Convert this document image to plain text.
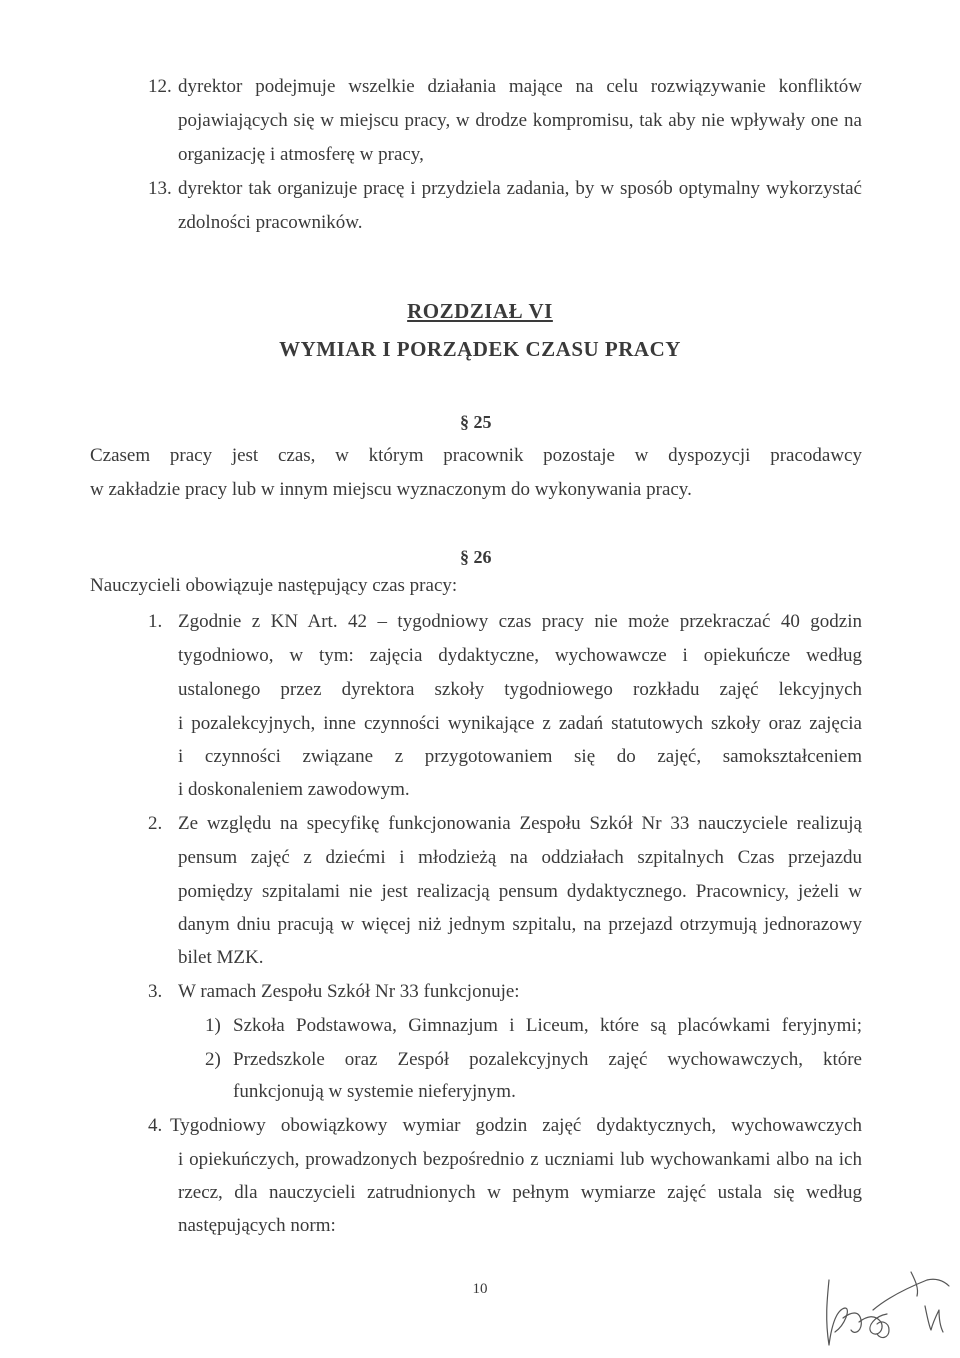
12. dyrektor podejmuje wszelkie działania mające na celu rozwiązywanie konfliktów
pojawiających się w miejscu pracy, w drodze kompromisu, tak aby nie wpływały one na
organizację i atmosferę w pracy,
13. dyrektor tak organizuje pracę i przydziela zadania, by w sposób optymalny wykorzystać
zdolności pracowników.
ROZDZIAŁ VI
WYMIAR I PORZĄDEK CZASU PRACY
§ 25
Czasem pracy jest czas, w którym pracownik pozostaje w dyspozycji pracodawcy
w zakładzie pracy lub w innym miejscu wyznaczonym do wykonywania pracy.
§ 26
Nauczycieli obowiązuje następujący czas pracy:
1. Zgodnie z KN Art. 42 – tygodniowy czas pracy nie może przekraczać 40 godzin
tygodniowo, w tym: zajęcia dydaktyczne, wychowawcze i opiekuńcze według
ustalonego przez dyrektora szkoły tygodniowego rozkładu zajęć lekcyjnych
i pozalekcyjnych, inne czynności wynikające z zadań statutowych szkoły oraz zajęcia
i czynności związane z przygotowaniem się do zajęć, samokształceniem
i doskonaleniem zawodowym.
2. Ze względu na specyfikę funkcjonowania Zespołu Szkół Nr 33 nauczyciele realizują
pensum zajęć z dziećmi i młodzieżą na oddziałach szpitalnych Czas przejazdu
pomiędzy szpitalami nie jest realizacją pensum dydaktycznego. Pracownicy, jeżeli w
danym dniu pracują w więcej niż jednym szpitalu, na przejazd otrzymują jednorazowy
bilet MZK.
3. W ramach Zespołu Szkół Nr 33 funkcjonuje:
1) Szkoła Podstawowa, Gimnazjum i Liceum, które są placówkami feryjnymi;
2) Przedszkole oraz Zespół pozalekcyjnych zajęć wychowawczych, które
funkcjonują w systemie nieferyjnym.
4. Tygodniowy obowiązkowy wymiar godzin zajęć dydaktycznych, wychowawczych
i opiekuńczych, prowadzonych bezpośrednio z uczniami lub wychowankami albo na ich
rzecz, dla nauczycieli zatrudnionych w pełnym wymiarze zajęć ustala się według
następujących norm:
10
